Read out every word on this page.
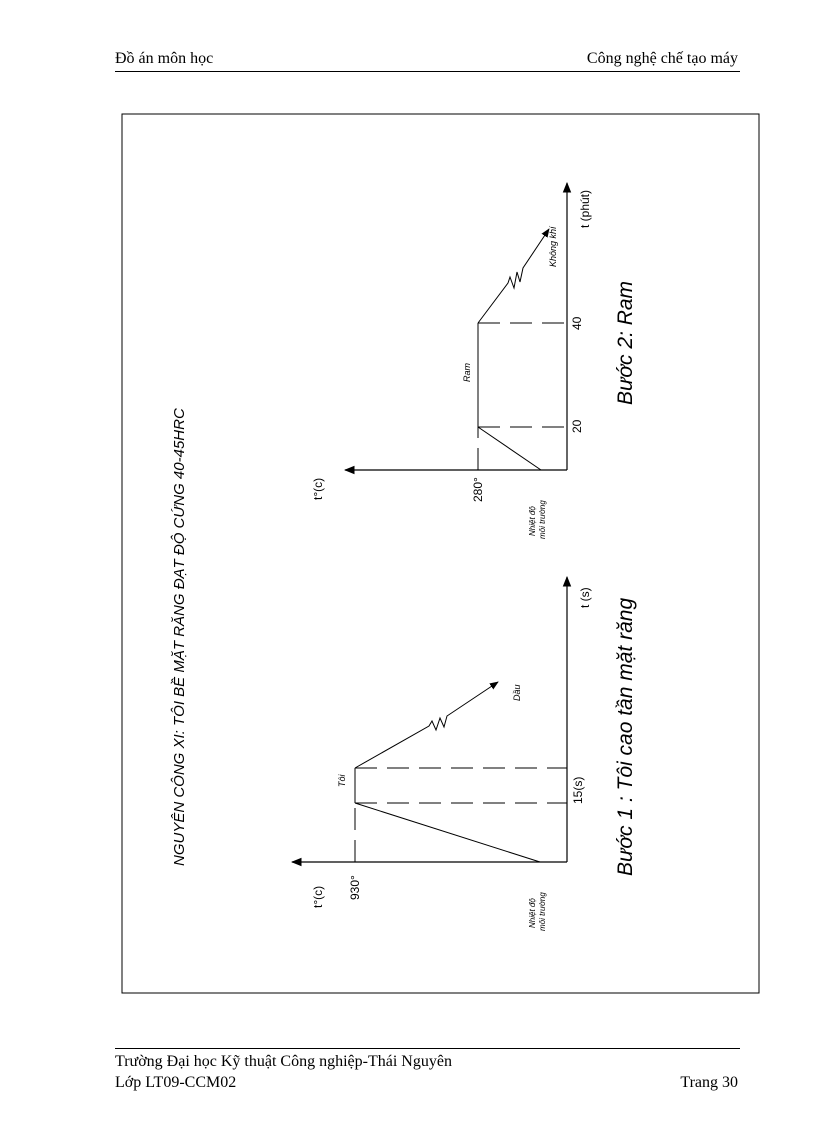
Đồ án môn học	Công nghệ chế tạo máy
NGUYÊN CÔNG XI: TÔI BỀ MẶT RĂNG ĐẠT ĐỘ CỨNG 40-45HRC
t°(c) 930°
Nhiệt độ môi trường
Tôi	15(s)
Dầu
t (s)
Bước 1 : Tôi cao tần mặt răng
t°(c)	280°
Nhiệt độ môi trường
Ram
20
40
Không khí
t (phút)
Bước 2: Ram
Trường Đại học Kỹ thuật Công nghiệp-Thái Nguyên
Lớp LT09-CCM02	Trang 30
